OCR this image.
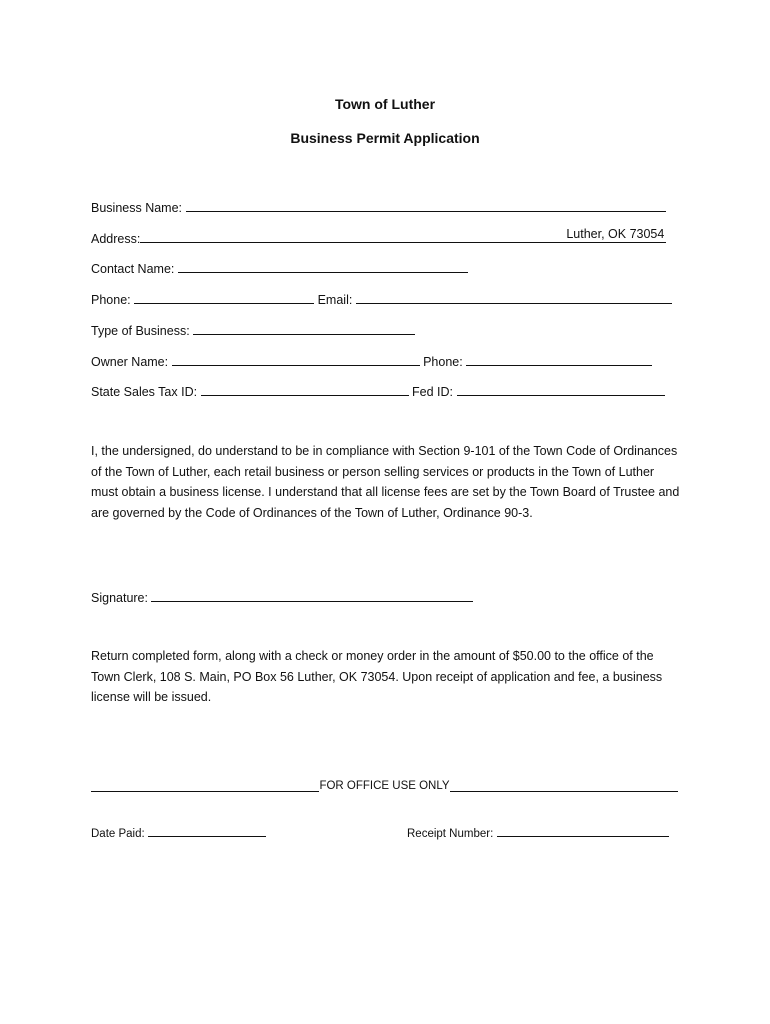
Town of Luther
Business Permit Application
Business Name:
Address:	Luther, OK 73054
Contact Name:
Phone:	Email:
Type of Business:
Owner Name:	Phone:
State Sales Tax ID:	Fed ID:
I, the undersigned, do understand to be in compliance with Section 9-101 of the Town Code of Ordinances of the Town of Luther, each retail business or person selling services or products in the Town of Luther must obtain a business license. I understand that all license fees are set by the Town Board of Trustee and are governed by the Code of Ordinances of the Town of Luther, Ordinance 90-3.
Signature:
Return completed form, along with a check or money order in the amount of $50.00 to the office of the Town Clerk, 108 S. Main, PO Box 56 Luther, OK 73054. Upon receipt of application and fee, a business license will be issued.
FOR OFFICE USE ONLY
Date Paid:	Receipt Number:
